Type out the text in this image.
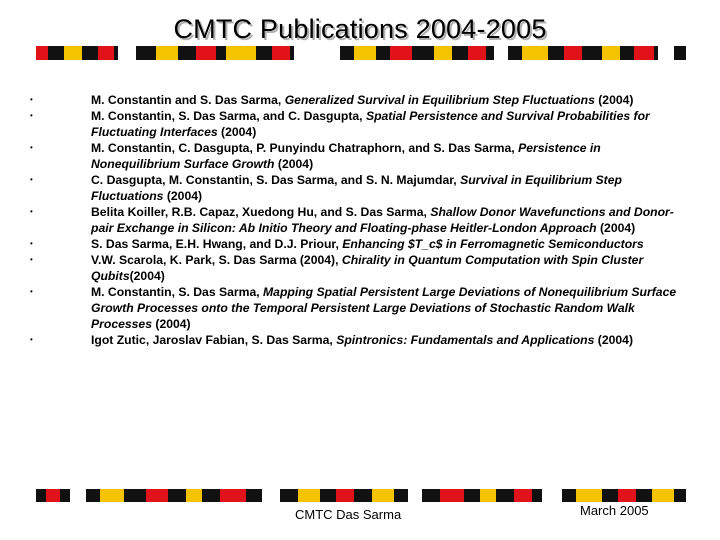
CMTC Publications 2004-2005
•	M. Constantin and S. Das Sarma, Generalized Survival in Equilibrium Step Fluctuations (2004)
•	M. Constantin, S. Das Sarma, and C. Dasgupta, Spatial Persistence and Survival Probabilities for Fluctuating Interfaces (2004)
•	M. Constantin, C. Dasgupta, P. Punyindu Chatraphorn, and S. Das Sarma, Persistence in Nonequilibrium Surface Growth (2004)
•	C. Dasgupta, M. Constantin, S. Das Sarma, and S. N. Majumdar, Survival in Equilibrium Step Fluctuations (2004)
•	Belita Koiller, R.B. Capaz, Xuedong Hu, and S. Das Sarma, Shallow Donor Wavefunctions and Donor-pair Exchange in Silicon: Ab Initio Theory and Floating-phase Heitler-London Approach (2004)
•	S. Das Sarma, E.H. Hwang, and D.J. Priour, Enhancing $T_c$ in Ferromagnetic Semiconductors
•	V.W. Scarola, K. Park, S. Das Sarma (2004), Chirality in Quantum Computation with Spin Cluster Qubits(2004)
•	M. Constantin, S. Das Sarma, Mapping Spatial Persistent Large Deviations of Nonequilibrium Surface Growth Processes onto the Temporal Persistent Large Deviations of Stochastic Random Walk Processes (2004)
•	Igot Zutic, Jaroslav Fabian, S. Das Sarma, Spintronics: Fundamentals and Applications (2004)
CMTC Das Sarma	March 2005
